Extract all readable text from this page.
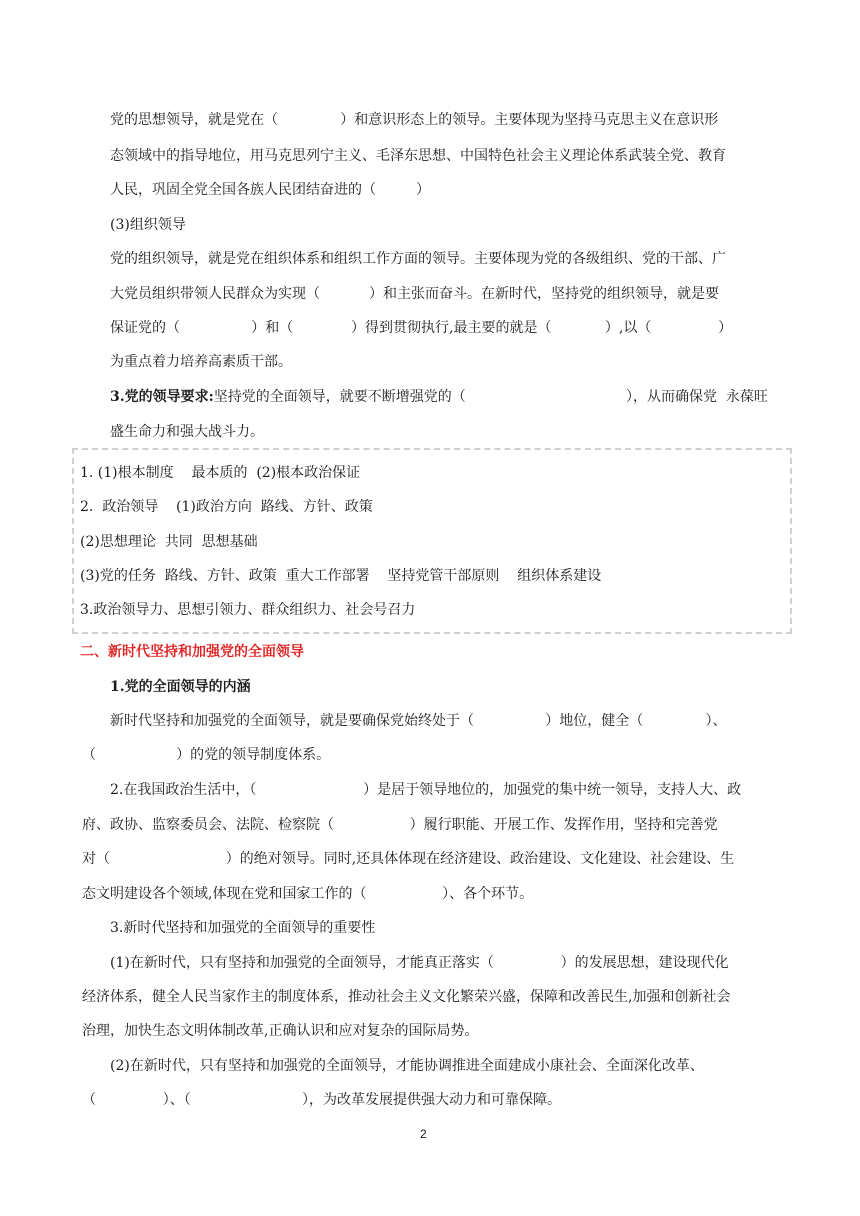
党的思想领导，就是党在（              ）和意识形态上的领导。主要体现为坚持马克思主义在意识形
态领域中的指导地位，用马克思列宁主义、毛泽东思想、中国特色社会主义理论体系武装全党、教育
人民，巩固全党全国各族人民团结奋进的（         ）
(3)组织领导
党的组织领导，就是党在组织体系和组织工作方面的领导。主要体现为党的各级组织、党的干部、广
大党员组织带领人民群众为实现（           ）和主张而奋斗。在新时代，坚持党的组织领导，就是要
保证党的（                ）和（             ）得到贯彻执行,最主要的就是（            ）,以（               ）
为重点着力培养高素质干部。
3.党的领导要求:坚持党的全面领导，就要不断增强党的（                                    ），从而确保党  永葆旺
盛生命力和强大战斗力。
1. (1)根本制度    最本质的  (2)根本政治保证
2.  政治领导    (1)政治方向  路线、方针、政策
(2)思想理论  共同  思想基础
(3)党的任务  路线、方针、政策  重大工作部署    坚持党管干部原则    组织体系建设
3.政治领导力、思想引领力、群众组织力、社会号召力
二、新时代坚持和加强党的全面领导
1.党的全面领导的内涵
新时代坚持和加强党的全面领导，就是要确保党始终处于（                ）地位，健全（              ）、
（                  ）的党的领导制度体系。
2.在我国政治生活中，（                        ）是居于领导地位的，加强党的集中统一领导，支持人大、政
府、政协、监察委员会、法院、检察院（                 ）履行职能、开展工作、发挥作用，坚持和完善党
对（                          ）的绝对领导。同时,还具体体现在经济建设、政治建设、文化建设、社会建设、生
态文明建设各个领域,体现在党和国家工作的（                 ）、各个环节。
3.新时代坚持和加强党的全面领导的重要性
(1)在新时代，只有坚持和加强党的全面领导，才能真正落实（               ）的发展思想，建设现代化
经济体系，健全人民当家作主的制度体系，推动社会主义文化繁荣兴盛，保障和改善民生,加强和创新社会
治理，加快生态文明体制改革,正确认识和应对复杂的国际局势。
(2)在新时代，只有坚持和加强党的全面领导，才能协调推进全面建成小康社会、全面深化改革、
（               ）、（                         ），为改革发展提供强大动力和可靠保障。
2
